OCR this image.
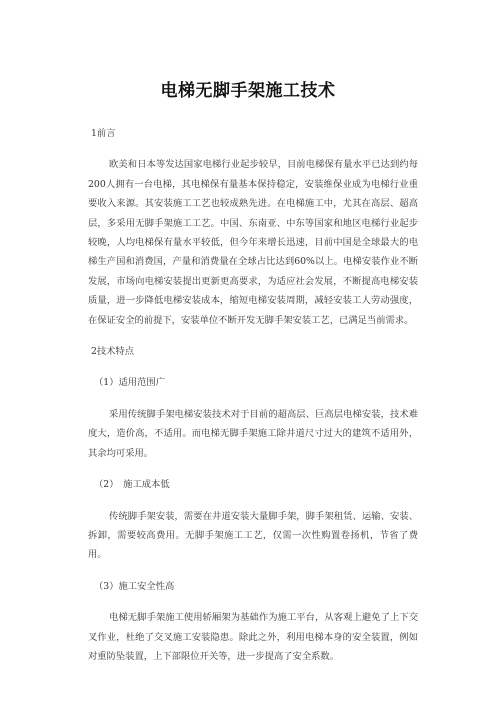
电梯无脚手架施工技术

1前言

欧美和日本等发达国家电梯行业起步较早，目前电梯保有量水平已达到约每200人拥有一台电梯，其电梯保有量基本保持稳定，安装维保业成为电梯行业重要收入来源。其安装施工工艺也较成熟先进。在电梯施工中，尤其在高层、超高层，多采用无脚手架施工工艺。中国、东南亚、中东等国家和地区电梯行业起步较晚，人均电梯保有量水平较低，但今年来增长迅速，目前中国是全球最大的电梯生产国和消费国，产量和消费量在全球占比达到60%以上。电梯安装作业不断发展，市场向电梯安装提出更新更高要求，为适应社会发展，不断提高电梯安装质量，进一步降低电梯安装成本，缩短电梯安装周期，减轻安装工人劳动强度，在保证安全的前提下，安装单位不断开发无脚手架安装工艺，已满足当前需求。

2技术特点

（1）适用范围广

采用传统脚手架电梯安装技术对于目前的超高层、巨高层电梯安装，技术难度大，造价高，不适用。而电梯无脚手架施工除井道尺寸过大的建筑不适用外，其余均可采用。

（2）　施工成本低

传统脚手架安装，需要在井道安装大量脚手架，脚手架租赁、运输、安装、拆卸，需要较高费用。无脚手架施工工艺，仅需一次性购置卷扬机，节省了费用。

（3）施工安全性高

电梯无脚手架施工使用轿厢架为基础作为施工平台，从客观上避免了上下交叉作业，杜绝了交叉施工安装隐患。除此之外，利用电梯本身的安全装置，例如对重防坠装置，上下部限位开关等，进一步提高了安全系数。
